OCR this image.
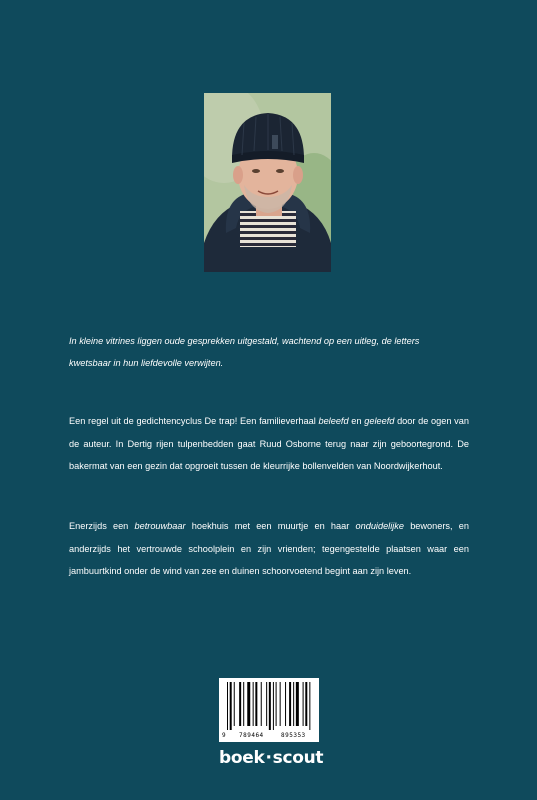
In kleine vitrines liggen oude gesprekken uitgestald, wachtend op een uitleg, de letters
kwetsbaar in hun liefdevolle verwijten.

Een regel uit de gedichtencyclus De trap! Een familieverhaal beleefd en geleefd door de ogen van de auteur. In Dertig rijen tulpenbedden gaat Ruud Osborne terug naar zijn geboortegrond. De bakermat van een gezin dat opgroeit tussen de kleurrijke bollenvelden van Noordwijkerhout.

Enerzijds een betrouwbaar hoekhuis met een muurtje en haar onduidelijke bewoners, en anderzijds het vertrouwde schoolplein en zijn vrienden; tegengestelde plaatsen waar een jambuurtkind onder de wind van zee en duinen schoorvoetend begint aan zijn leven.

9 789464	895353
boek·scout
